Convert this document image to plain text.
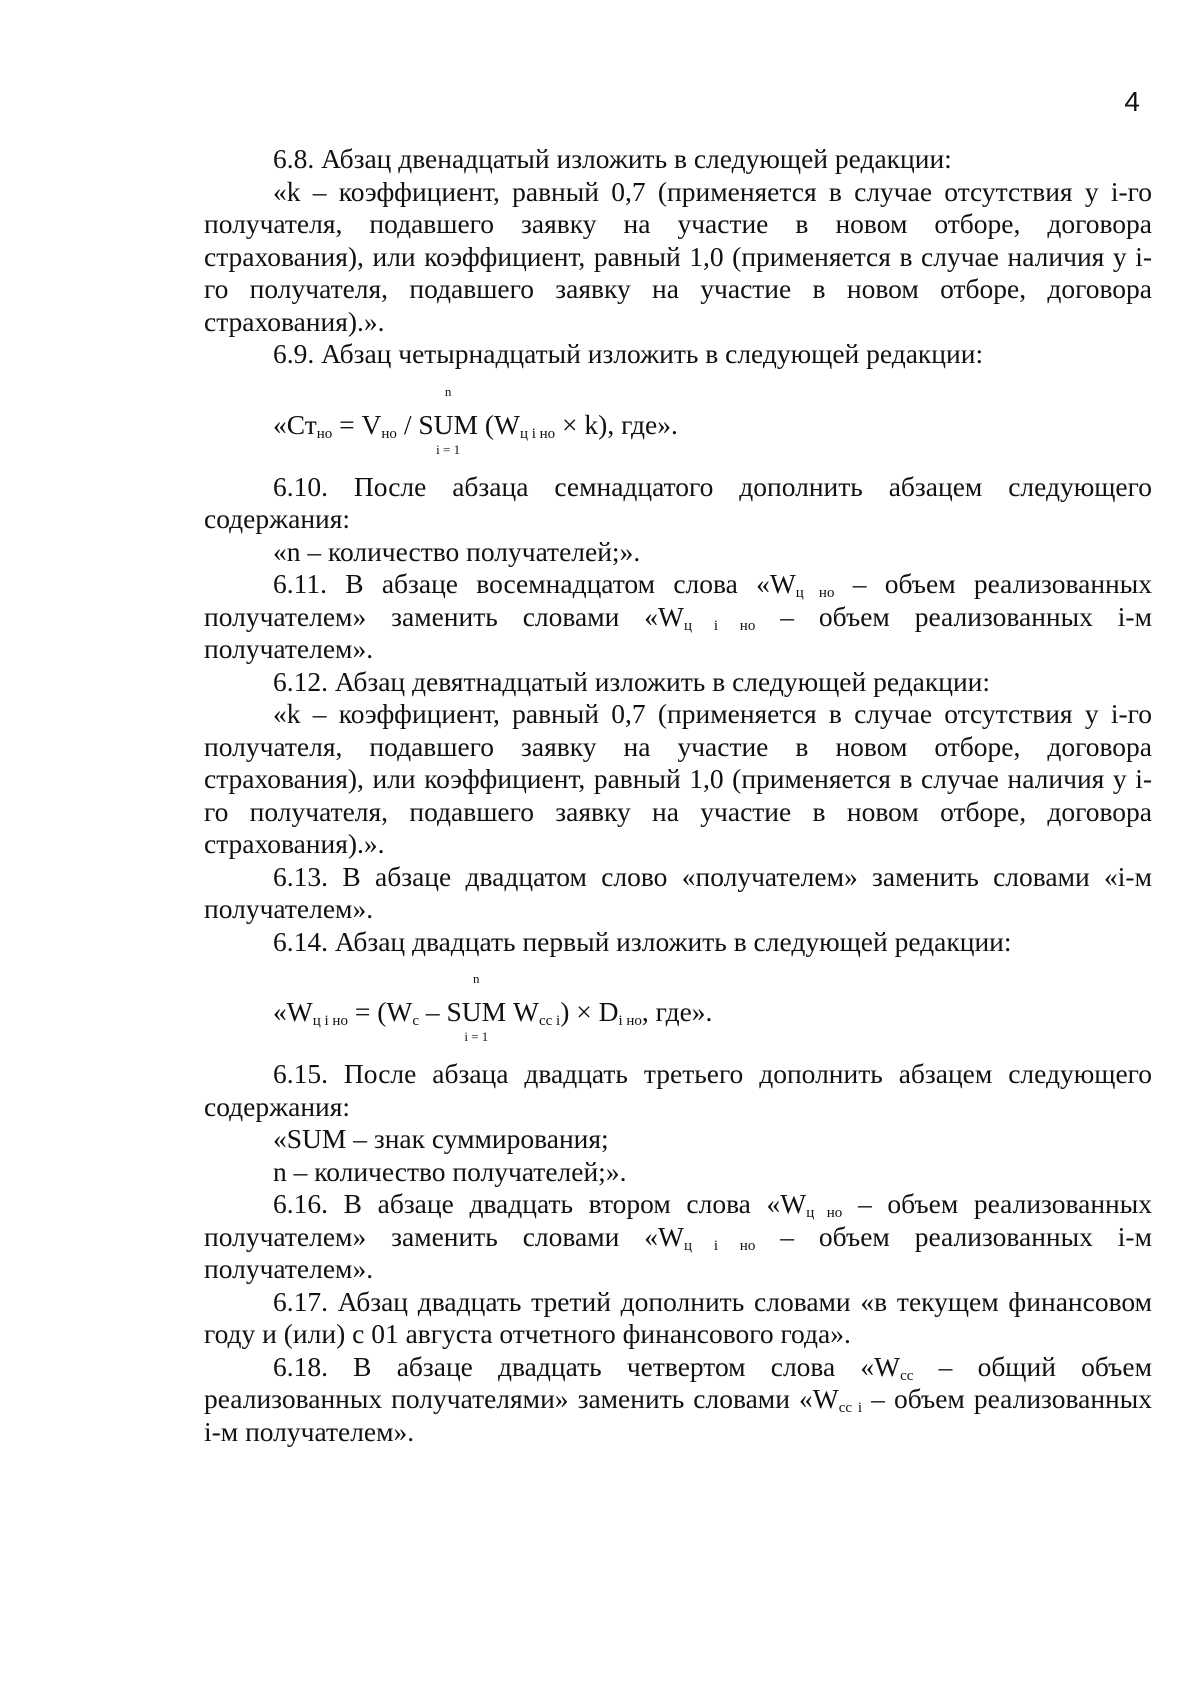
4

6.8. Абзац двенадцатый изложить в следующей редакции:

«k – коэффициент, равный 0,7 (применяется в случае отсутствия у i-го получателя, подавшего заявку на участие в новом отборе, договора страхования), или коэффициент, равный 1,0 (применяется в случае наличия у i-го получателя, подавшего заявку на участие в новом отборе, договора страхования).».

6.9. Абзац четырнадцатый изложить в следующей редакции:

«$Ст_{но} = V_{но}$ /
n
SUM
i = 1
$(W_{ц i но} \times k)$, где».

6.10. После абзаца семнадцатого дополнить абзацем следующего содержания:

«n – количество получателей;».

6.11. В абзаце восемнадцатом слова «$W_{ц но}$ – объем реализованных получателем» заменить словами «$W_{ц i но}$ – объем реализованных i-м получателем».

6.12. Абзац девятнадцатый изложить в следующей редакции:

«k – коэффициент, равный 0,7 (применяется в случае отсутствия у i-го получателя, подавшего заявку на участие в новом отборе, договора страхования), или коэффициент, равный 1,0 (применяется в случае наличия у i-го получателя, подавшего заявку на участие в новом отборе, договора страхования).».

6.13. В абзаце двадцатом слово «получателем» заменить словами «i-м получателем».

6.14. Абзац двадцать первый изложить в следующей редакции:

«$W_{ц i но} = (W_с$ –
n
SUM
i = 1
$W_{сс i}) \times D_{i но}$, где».

6.15. После абзаца двадцать третьего дополнить абзацем следующего содержания:

«SUM – знак суммирования;

n – количество получателей;».

6.16. В абзаце двадцать втором слова «$W_{ц но}$ – объем реализованных получателем» заменить словами «$W_{ц i но}$ – объем реализованных i-м получателем».

6.17. Абзац двадцать третий дополнить словами «в текущем финансовом году и (или) с 01 августа отчетного финансового года».

6.18. В абзаце двадцать четвертом слова «$W_{сс}$ – общий объем реализованных получателями» заменить словами «$W_{сс i}$ – объем реализованных i-м получателем».
